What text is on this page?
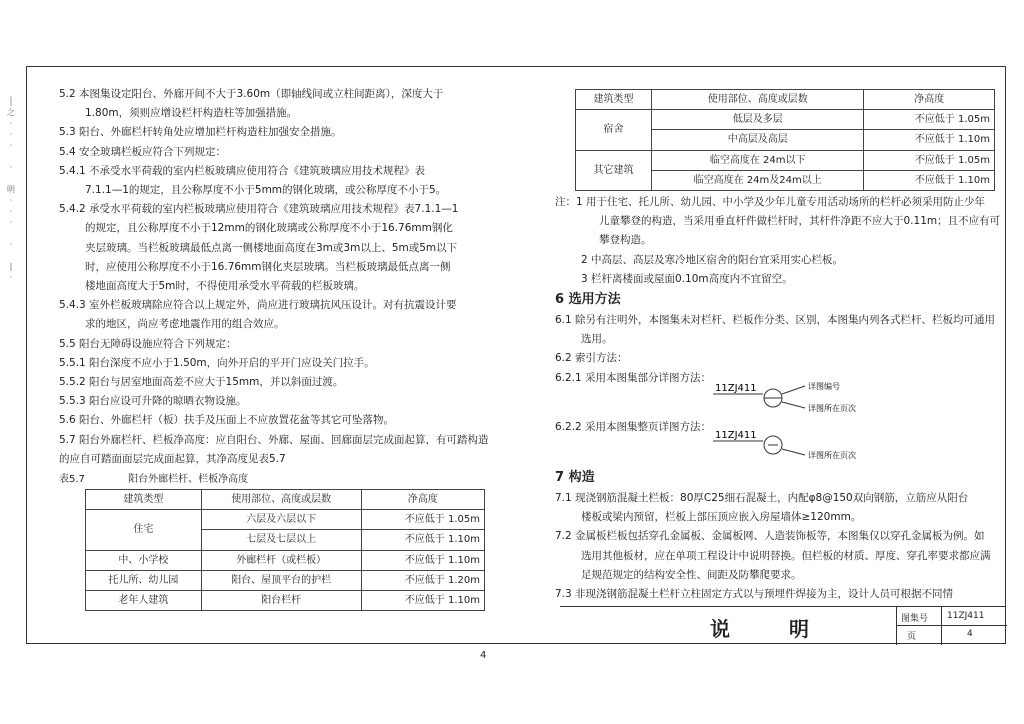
│
之
·
·
·

·

明
·
·
·

·

|
·
5.2 本图集设定阳台、外廊开间不大于3.60m（即轴线间或立柱间距离），深度大于
1.80m，须则应增设栏杆构造柱等加强措施。
5.3 阳台、外廊栏杆转角处应增加栏杆构造柱加强安全措施。
5.4 安全玻璃栏板应符合下列规定：
5.4.1 不承受水平荷载的室内栏板玻璃应使用符合《建筑玻璃应用技术规程》表
7.1.1—1的规定，且公称厚度不小于5mm的钢化玻璃，或公称厚度不小于5。
5.4.2 承受水平荷载的室内栏板玻璃应使用符合《建筑玻璃应用技术规程》表7.1.1—1
的规定，且公称厚度不小于12mm的钢化玻璃或公称厚度不小于16.76mm钢化
夹层玻璃。当栏板玻璃最低点离一侧楼地面高度在3m或3m以上、5m或5m以下
时，应使用公称厚度不小于16.76mm钢化夹层玻璃。当栏板玻璃最低点离一侧
楼地面高度大于5m时，不得使用承受水平荷载的栏板玻璃。
5.4.3 室外栏板玻璃除应符合以上规定外，尚应进行玻璃抗风压设计。对有抗震设计要
求的地区，尚应考虑地震作用的组合效应。
5.5 阳台无障碍设施应符合下列规定：
5.5.1 阳台深度不应小于1.50m，向外开启的平开门应设关门拉手。
5.5.2 阳台与居室地面高差不应大于15mm，并以斜面过渡。
5.5.3 阳台应设可升降的晾晒衣物设施。
5.6 阳台、外廊栏杆（板）扶手及压面上不应放置花盆等其它可坠落物。
5.7 阳台外廊栏杆、栏板净高度：应自阳台、外廊、屋面、回廊面层完成面起算，有可踏构造
的应自可踏面面层完成面起算，其净高度见表5.7
表5.7	阳台外廊栏杆、栏板净高度
建筑类型	使用部位、高度或层数	净高度
住宅	六层及六层以下	不应低于 1.05m
	七层及七层以上	不应低于 1.10m
中、小学校	外廊栏杆（或栏板）	不应低于 1.10m
托儿所、幼儿园	阳台、屋顶平台的护栏	不应低于 1.20m
老年人建筑	阳台栏杆	不应低于 1.10m
建筑类型	使用部位、高度或层数	净高度
宿舍	低层及多层	不应低于 1.05m
	中高层及高层	不应低于 1.10m
其它建筑	临空高度在 24m以下	不应低于 1.05m
	临空高度在 24m及24m以上	不应低于 1.10m
注：1 用于住宅、托儿所、幼儿园、中小学及少年儿童专用活动场所的栏杆必须采用防止少年
儿童攀登的构造，当采用垂直杆件做栏杆时，其杆件净距不应大于0.11m；且不应有可
攀登构造。
2 中高层、高层及寒冷地区宿舍的阳台宜采用实心栏板。
3 栏杆离楼面或屋面0.10m高度内不宜留空。
6 选用方法
6.1 除另有注明外，本图集未对栏杆、栏板作分类、区别，本图集内列各式栏杆、栏板均可通用
选用。
6.2 索引方法：
6.2.1 采用本图集部分详图方法：
11ZJ411	详图编号
详图所在页次
6.2.2 采用本图集整页详图方法：
11ZJ411
详图所在页次
7 构造
7.1 现浇钢筋混凝土栏板：80厚C25细石混凝土，内配φ8@150双向钢筋，立筋应从阳台
楼板或梁内预留，栏板上部压顶应嵌入房屋墙体≥120mm。
7.2 金属板栏板包括穿孔金属板、金属板网、人造装饰板等，本图集仅以穿孔金属板为例。如
选用其他板材，应在单项工程设计中说明替换。但栏板的材质、厚度、穿孔率要求都应满
足规范规定的结构安全性、间距及防攀爬要求。
7.3 非现浇钢筋混凝土栏杆立柱固定方式以与预埋件焊接为主，设计人员可根据不同情
说 明	图集号 11ZJ411
页	4
4
